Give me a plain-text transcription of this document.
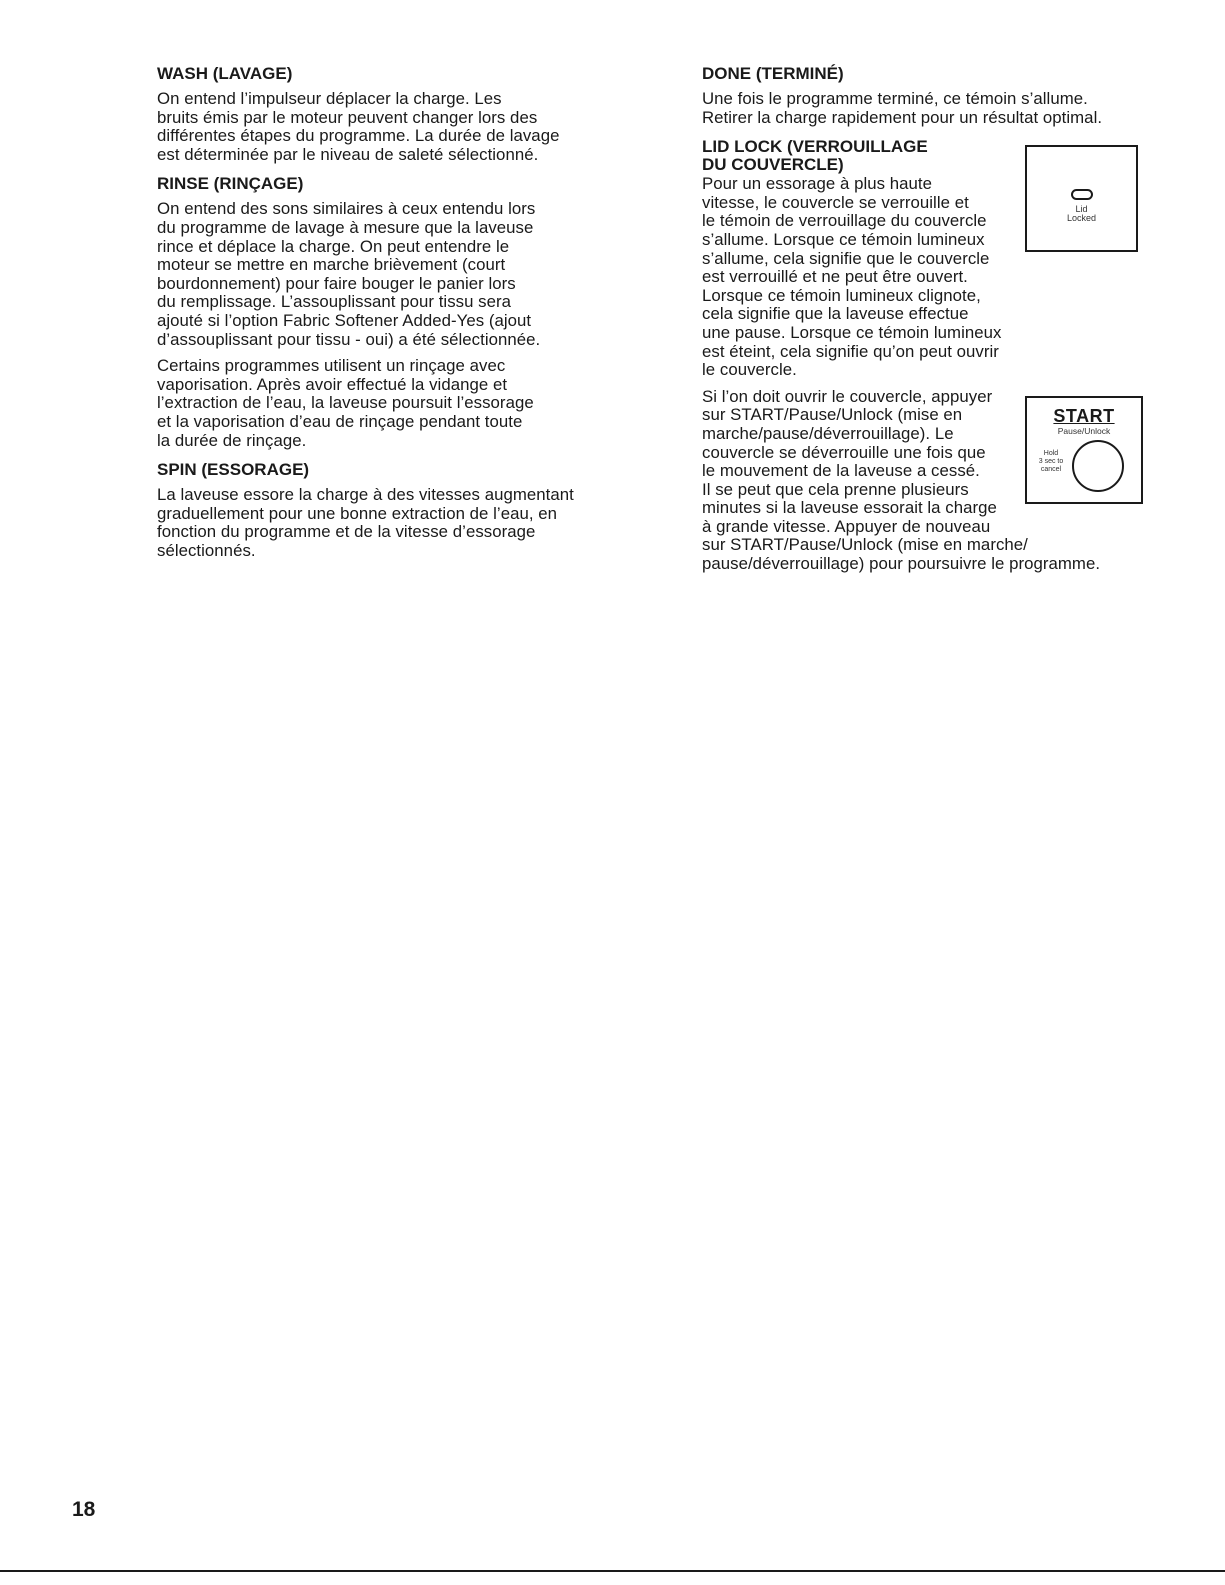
WASH (LAVAGE)

On entend l’impulseur déplacer la charge. Les
bruits émis par le moteur peuvent changer lors des
différentes étapes du programme. La durée de lavage
est déterminée par le niveau de saleté sélectionné.

RINSE (RINÇAGE)

On entend des sons similaires à ceux entendu lors
du programme de lavage à mesure que la laveuse
rince et déplace la charge. On peut entendre le
moteur se mettre en marche brièvement (court
bourdonnement) pour faire bouger le panier lors
du remplissage. L’assouplissant pour tissu sera
ajouté si l’option Fabric Softener Added-Yes (ajout
d’assouplissant pour tissu - oui) a été sélectionnée.

Certains programmes utilisent un rinçage avec
vaporisation. Après avoir effectué la vidange et
l’extraction de l’eau, la laveuse poursuit l’essorage
et la vaporisation d’eau de rinçage pendant toute
la durée de rinçage.

SPIN (ESSORAGE)

La laveuse essore la charge à des vitesses augmentant
graduellement pour une bonne extraction de l’eau, en
fonction du programme et de la vitesse d’essorage
sélectionnés.

DONE (TERMINÉ)

Une fois le programme terminé, ce témoin s’allume.
Retirer la charge rapidement pour un résultat optimal.

LID LOCK (VERROUILLAGE
DU COUVERCLE)

Pour un essorage à plus haute
vitesse, le couvercle se verrouille et
le témoin de verrouillage du couvercle
s’allume. Lorsque ce témoin lumineux
s’allume, cela signifie que le couvercle
est verrouillé et ne peut être ouvert.
Lorsque ce témoin lumineux clignote,
cela signifie que la laveuse effectue
une pause. Lorsque ce témoin lumineux
est éteint, cela signifie qu’on peut ouvrir
le couvercle.

Si l’on doit ouvrir le couvercle, appuyer
sur START/Pause/Unlock (mise en
marche/pause/déverrouillage). Le
couvercle se déverrouille une fois que
le mouvement de la laveuse a cessé.
Il se peut que cela prenne plusieurs
minutes si la laveuse essorait la charge
à grande vitesse. Appuyer de nouveau
sur START/Pause/Unlock (mise en marche/
pause/déverrouillage) pour poursuivre le programme.

Lid
Locked
START
Pause/Unlock
Hold
3 sec to
cancel
18
